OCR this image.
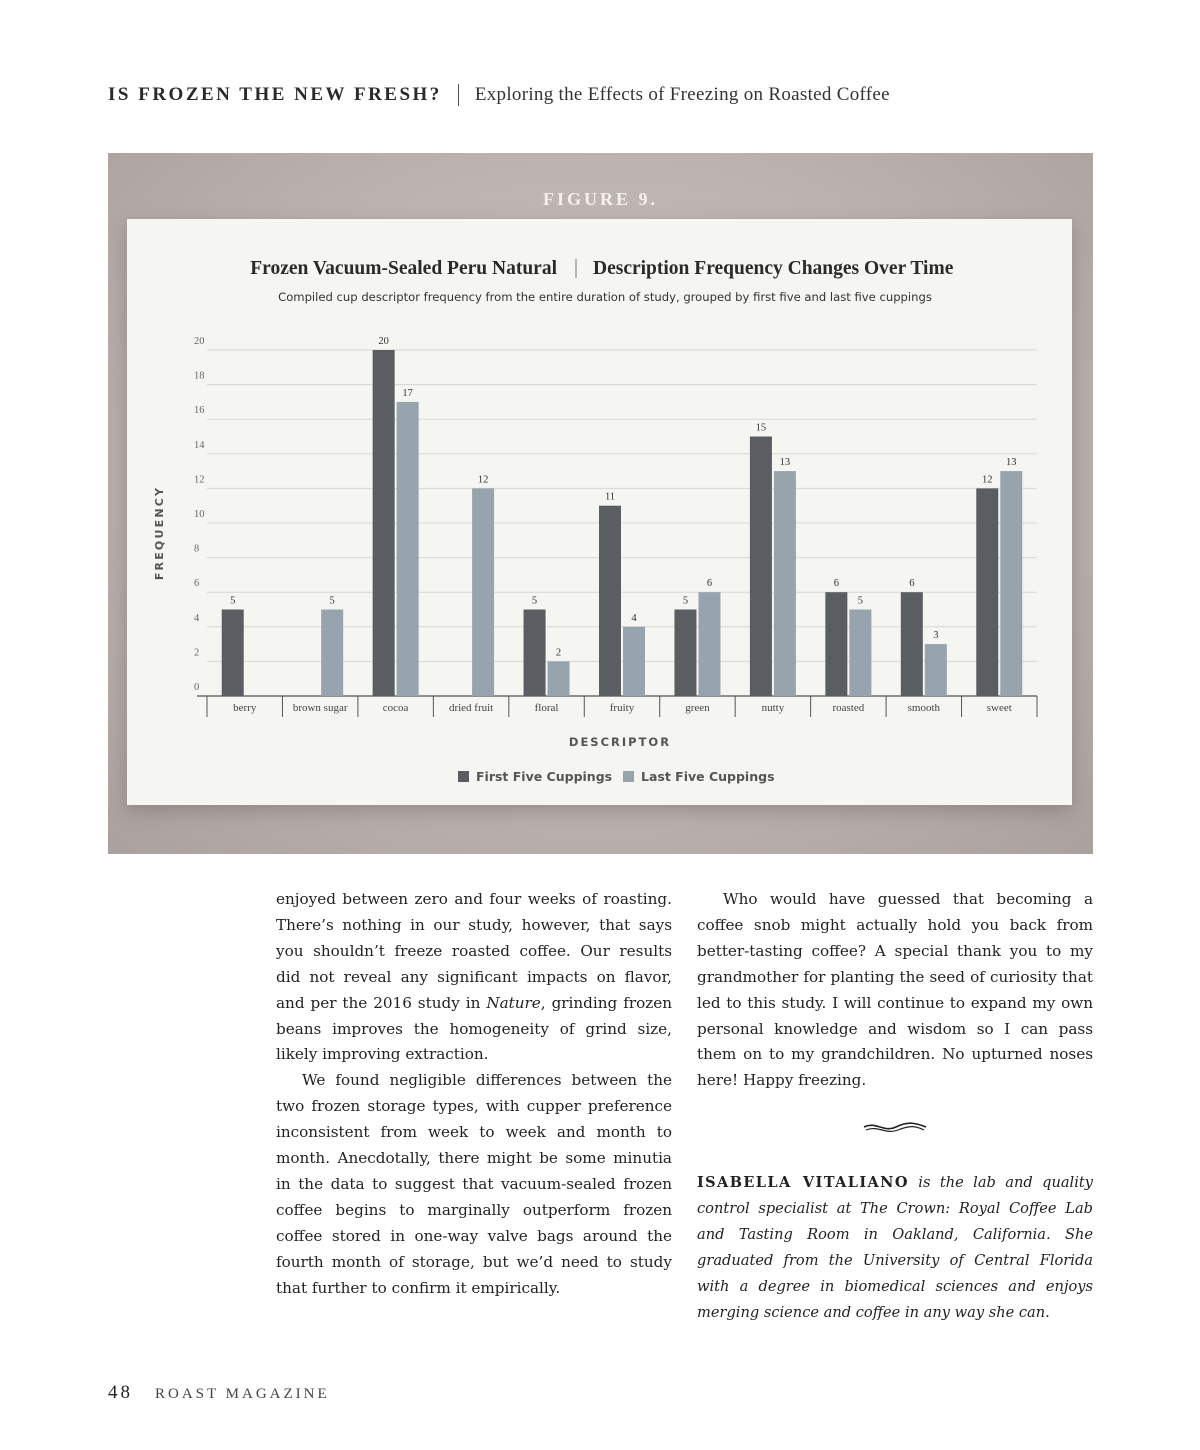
IS FROZEN THE NEW FRESH? Exploring the Effects of Freezing on Roasted Coffee
FIGURE 9.
Frozen Vacuum-Sealed Peru Natural Description Frequency Changes Over Time
Compiled cup descriptor frequency from the entire duration of study, grouped by first five and last five cuppings
FREQUENCY
DESCRIPTOR
First Five Cuppings Last Five Cuppings
0
2
4
6
8
10
12
14
16
18
20
berry
5
brown sugar
5
cocoa
20
17
dried fruit
12
floral
5
2
fruity
11
4
green
5
6
nutty
15
13
roasted
6
5
smooth
6
3
sweet
12
13

enjoyed between zero and four weeks of roasting. There’s nothing in our study, however, that says you shouldn’t freeze roasted coffee. Our results did not reveal any significant impacts on flavor, and per the 2016 study in Nature, grinding frozen beans improves the homogeneity of grind size, likely improving extraction.

We found negligible differences between the two frozen storage types, with cupper preference inconsistent from week to week and month to month. Anecdotally, there might be some minutia in the data to suggest that vacuum-sealed frozen coffee begins to marginally outperform frozen coffee stored in one-way valve bags around the fourth month of storage, but we’d need to study that further to confirm it empirically.

Who would have guessed that becoming a coffee snob might actually hold you back from better-tasting coffee? A special thank you to my grandmother for planting the seed of curiosity that led to this study. I will continue to expand my own personal knowledge and wisdom so I can pass them on to my grandchildren. No upturned noses here! Happy freezing.

ISABELLA VITALIANO is the lab and quality control specialist at The Crown: Royal Coffee Lab and Tasting Room in Oakland, California. She graduated from the University of Central Florida with a degree in biomedical sciences and enjoys merging science and coffee in any way she can.

48 ROAST MAGAZINE
